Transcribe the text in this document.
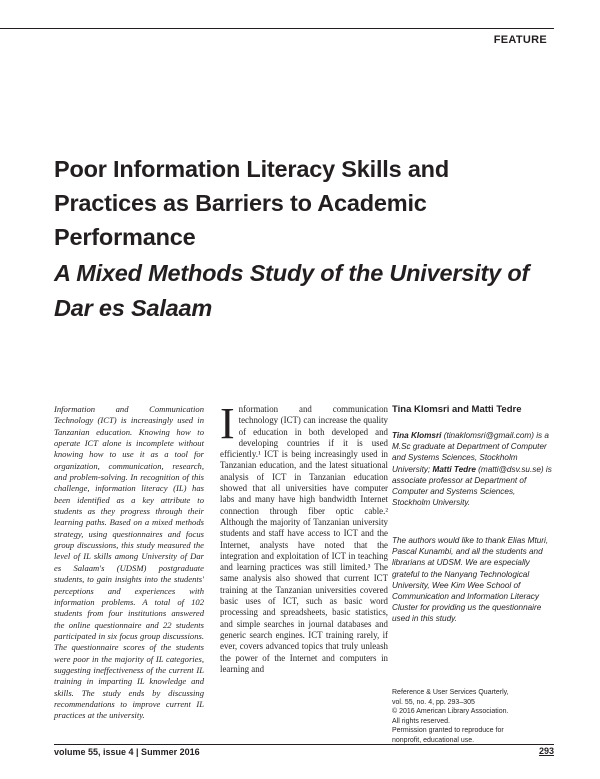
FEATURE
Poor Information Literacy Skills and Practices as Barriers to Academic Performance
A Mixed Methods Study of the University of Dar es Salaam

Information and Communication Technology (ICT) is increasingly used in Tanzanian education. Knowing how to operate ICT alone is incomplete without knowing how to use it as a tool for organization, communication, research, and problem-solving. In recognition of this challenge, information literacy (IL) has been identified as a key attribute to students as they progress through their learning paths. Based on a mixed methods strategy, using questionnaires and focus group discussions, this study measured the level of IL skills among University of Dar es Salaam's (UDSM) postgraduate students, to gain insights into the students' perceptions and experiences with information problems. A total of 102 students from four institutions answered the online questionnaire and 22 students participated in six focus group discussions. The questionnaire scores of the students were poor in the majority of IL categories, suggesting ineffectiveness of the current IL training in imparting IL knowledge and skills. The study ends by discussing recommendations to improve current IL practices at the university.

I nformation and communication technology (ICT) can increase the quality of education in both developed and developing countries if it is used efficiently.¹ ICT is being increasingly used in Tanzanian education, and the latest situational analysis of ICT in Tanzanian education showed that all universities have computer labs and many have high bandwidth Internet connection through fiber optic cable.² Although the majority of Tanzanian university students and staff have access to ICT and the Internet, analysts have noted that the integration and exploitation of ICT in teaching and learning practices was still limited.³ The same analysis also showed that current ICT training at the Tanzanian universities covered basic uses of ICT, such as basic word processing and spreadsheets, basic statistics, and simple searches in journal databases and generic search engines. ICT training rarely, if ever, covers advanced topics that truly unleash the power of the Internet and computers in learning and
Tina Klomsri and Matti Tedre
Tina Klomsri (tinaklomsri@gmail.com) is a M.Sc graduate at Department of Computer and Systems Sciences, Stockholm University; Matti Tedre (matti@dsv.su.se) is associate professor at Department of Computer and Systems Sciences, Stockholm University.
The authors would like to thank Elias Mturi, Pascal Kunambi, and all the students and librarians at UDSM. We are especially grateful to the Nanyang Technological University, Wee Kim Wee School of Communication and Information Literacy Cluster for providing us the questionnaire used in this study.
Reference & User Services Quarterly,
vol. 55, no. 4, pp. 293–305
© 2016 American Library Association.
All rights reserved.
Permission granted to reproduce for
nonprofit, educational use.
volume 55, issue 4 | Summer 2016	293
